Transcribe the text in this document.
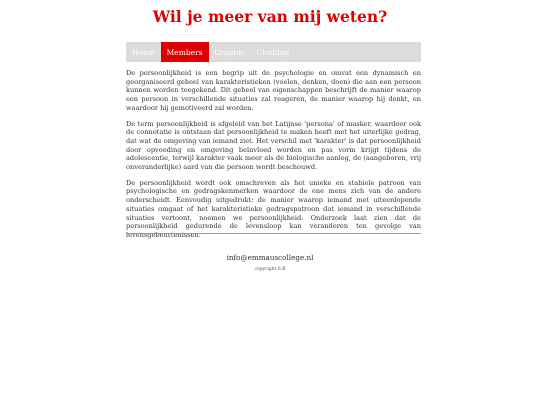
Wil je meer van mij weten?
Home	Members	Graphic	Clothing

De persoonlijkheid is een begrip uit de psychologie en omvat een dynamisch en georganiseerd geheel van karakteristieken (voelen, denken, doen) die aan een persoon kunnen worden toegekend. Dit geheel van eigenschappen beschrijft de manier waarop een persoon in verschillende situaties zal reageren, de manier waarop hij denkt, en waardoor hij gemotiveerd zal worden.

De term persoonlijkheid is afgeleid van het Latijnse 'persona' of masker, waardoor ook de connotatie is ontstaan dat persoonlijkheid te maken heeft met het uiterlijke gedrag, dat wat de omgeving van iemand ziet. Het verschil met 'karakter' is dat persoonlijkheid door opvoeding en omgeving beïnvloed worden en pas vorm krijgt tijdens de adolescentie, terwijl karakter vaak meer als de biologische aanleg, de (aangeboren, vrij onveranderlijke) aard van die persoon wordt beschouwd.

De persoonlijkheid wordt ook omschreven als het unieke en stabiele patroon van psychologische en gedragskenmerken waardoor de ene mens zich van de andere onderscheidt. Eenvoudig uitgedrukt: de manier waarop iemand met uiteenlopende situaties omgaat of het karakteristieke gedragspatroon dat iemand in verschillende situaties vertoont, noemen we persoonlijkheid. Onderzoek laat zien dat de persoonlijkheid gedurende de levensloop kan veranderen ten gevolge van levensgebeurtenissen.

info@emmauscollege.nl
copyright S.B
